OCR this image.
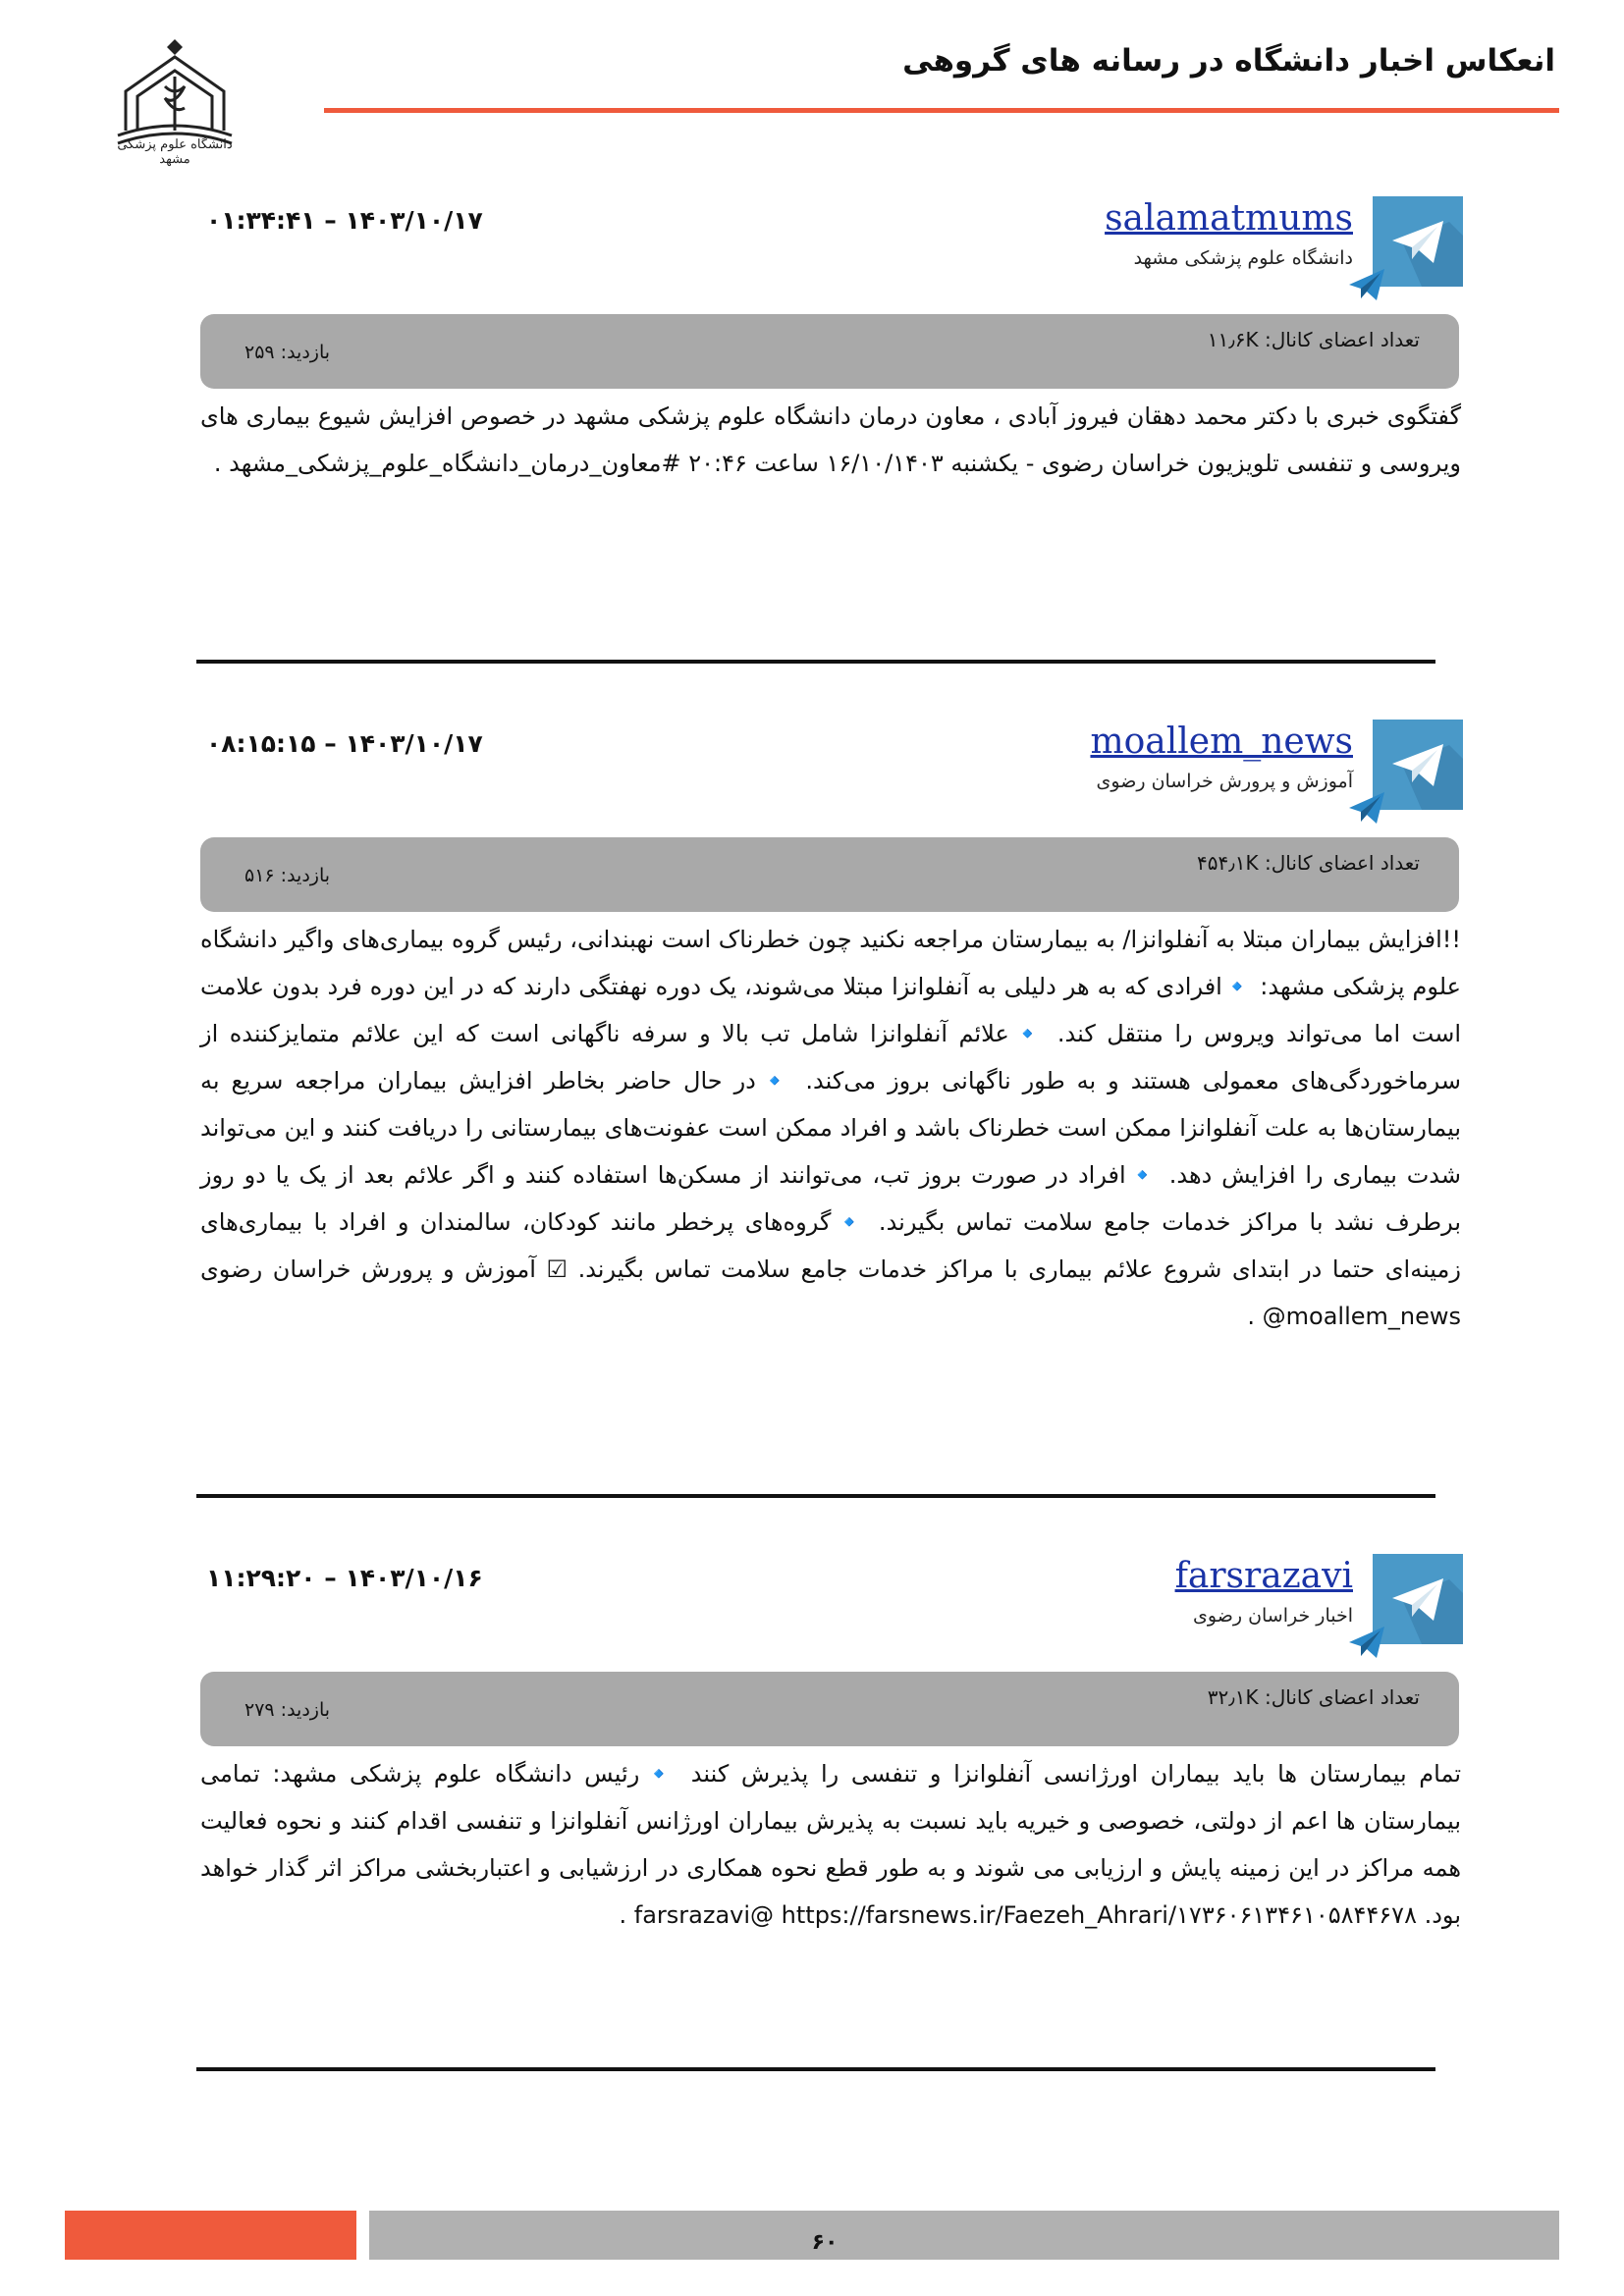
دانشگاه علوم پزشکی مشهد
انعکاس اخبار دانشگاه در رسانه های گروهی
salamatmums
دانشگاه علوم پزشکی مشهد
۱۴۰۳/۱۰/۱۷ – ۰۱:۳۴:۴۱
تعداد اعضای کانال: ۱۱٫۶K
بازدید: ۲۵۹
گفتگوی خبری با دکتر محمد دهقان فیروز آبادی ، معاون درمان دانشگاه علوم پزشکی مشهد در خصوص افزایش شیوع بیماری های ویروسی و تنفسی تلویزیون خراسان رضوی - یکشنبه ۱۶/۱۰/۱۴۰۳ ساعت ۲۰:۴۶ #معاون_درمان_دانشگاه_علوم_پزشکی_مشهد .
moallem_news
آموزش و پرورش خراسان رضوی
۱۴۰۳/۱۰/۱۷ – ۰۸:۱۵:۱۵
تعداد اعضای کانال: ۴۵۴٫۱K
بازدید: ۵۱۶
!!افزایش بیماران مبتلا به آنفلوانزا/ به بیمارستان مراجعه نکنید چون خطرناک است نهبندانی، رئیس گروه بیماری‌های واگیر دانشگاه علوم پزشکی مشهد: 🔹افرادی که به هر دلیلی به آنفلوانزا مبتلا می‌شوند، یک دوره نهفتگی دارند که در این دوره فرد بدون علامت است اما می‌تواند ویروس را منتقل کند. 🔹علائم آنفلوانزا شامل تب بالا و سرفه ناگهانی است که این علائم متمایزکننده از سرماخوردگی‌های معمولی هستند و به طور ناگهانی بروز می‌کند. 🔹در حال حاضر بخاطر افزایش بیماران مراجعه سریع به بیمارستان‌ها به علت آنفلوانزا ممکن است خطرناک باشد و افراد ممکن است عفونت‌های بیمارستانی را دریافت کنند و این می‌تواند شدت بیماری را افزایش دهد. 🔹افراد در صورت بروز تب، می‌توانند از مسکن‌ها استفاده کنند و اگر علائم بعد از یک یا دو روز برطرف نشد با مراکز خدمات جامع سلامت تماس بگیرند. 🔹گروه‌های پرخطر مانند کودکان، سالمندان و افراد با بیماری‌های زمینه‌ای حتما در ابتدای شروع علائم بیماری با مراکز خدمات جامع سلامت تماس بگیرند. ☑ آموزش و پرورش خراسان رضوی moallem_news@ .
farsrazavi
اخبار خراسان رضوی
۱۴۰۳/۱۰/۱۶ – ۱۱:۲۹:۲۰
تعداد اعضای کانال: ۳۲٫۱K
بازدید: ۲۷۹
تمام بیمارستان ها باید بیماران اورژانسی آنفلوانزا و تنفسی را پذیرش کنند 🔹رئیس دانشگاه علوم پزشکی مشهد: تمامی بیمارستان ها اعم از دولتی، خصوصی و خیریه باید نسبت به پذیرش بیماران اورژانس آنفلوانزا و تنفسی اقدام کنند و نحوه فعالیت همه مراکز در این زمینه پایش و ارزیابی می شوند و به طور قطع نحوه همکاری در ارزشیابی و اعتباربخشی مراکز اثر گذار خواهد بود. farsrazavi@ https://farsnews.ir/Faezeh_Ahrari/۱۷۳۶۰۶۱۳۴۶۱۰۵۸۴۴۶۷۸ .
۶۰
